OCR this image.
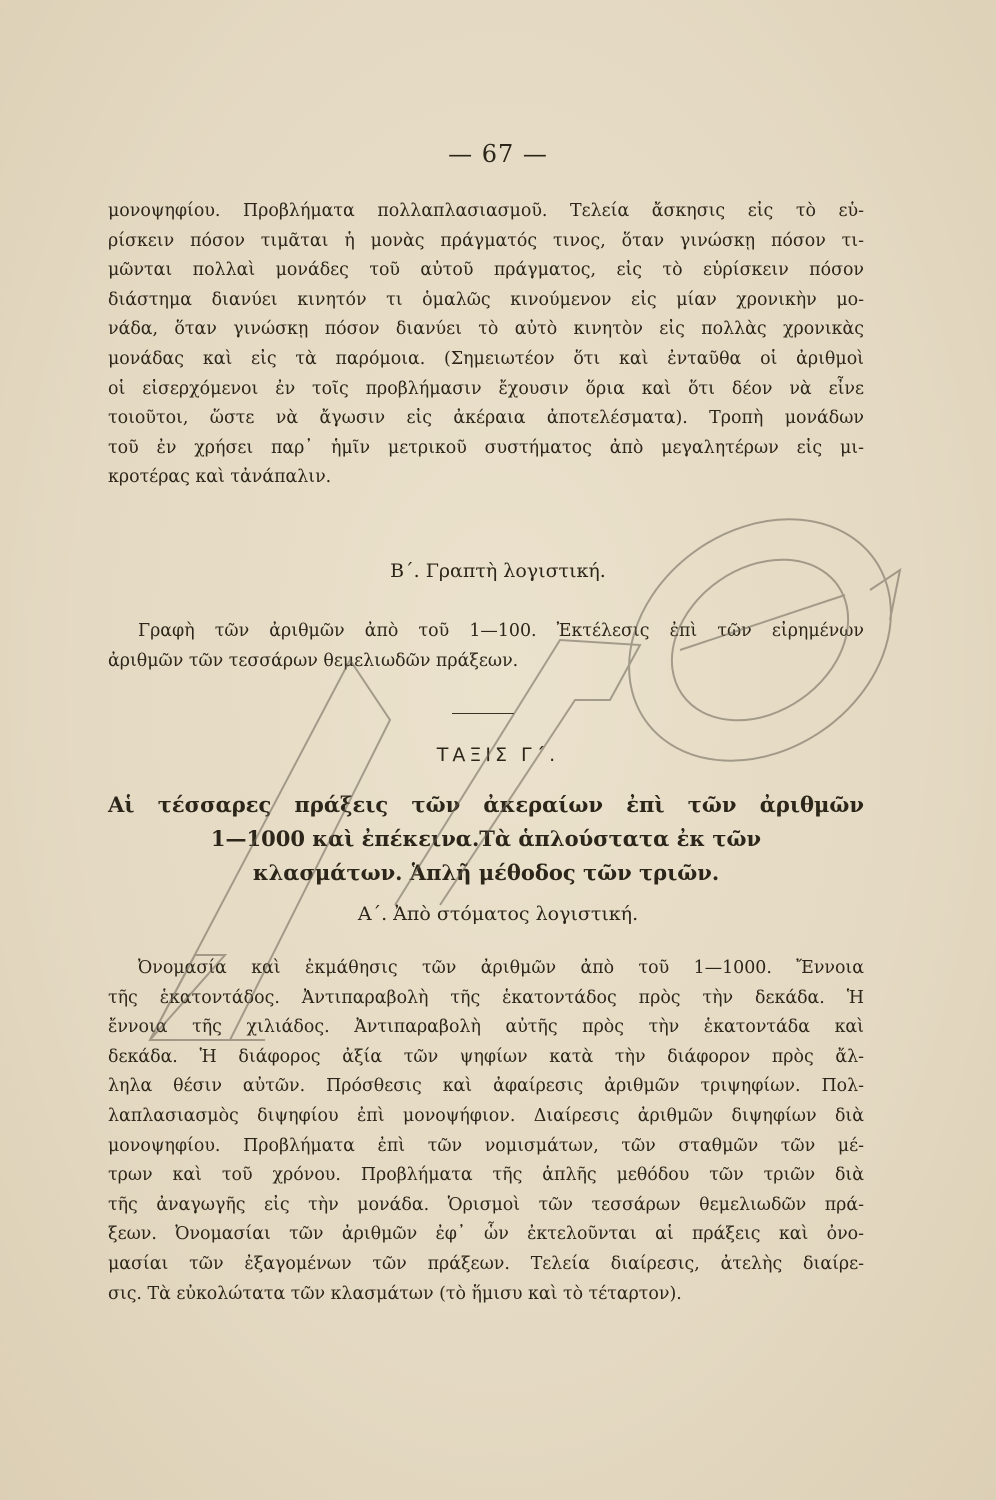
— 67 —
μονοψηφίου. Προβλήματα πολλαπλασιασμοῦ. Τελεία ἄσκησις εἰς τὸ εὑ-
ρίσκειν πόσον τιμᾶται ἡ μονὰς πράγματός τινος, ὅταν γινώσκῃ πόσον τι-
μῶνται πολλαὶ μονάδες τοῦ αὐτοῦ πράγματος, εἰς τὸ εὑρίσκειν πόσον
διάστημα διανύει κινητόν τι ὁμαλῶς κινούμενον εἰς μίαν χρονικὴν μο-
νάδα, ὅταν γινώσκῃ πόσον διανύει τὸ αὐτὸ κινητὸν εἰς πολλὰς χρονικὰς
μονάδας καὶ εἰς τὰ παρόμοια. (Σημειωτέον ὅτι καὶ ἐνταῦθα οἱ ἀριθμοὶ
οἱ εἰσερχόμενοι ἐν τοῖς προβλήμασιν ἔχουσιν ὅρια καὶ ὅτι δέον νὰ εἶνε
τοιοῦτοι, ὥστε νὰ ἄγωσιν εἰς ἀκέραια ἀποτελέσματα). Τροπὴ μονάδων
τοῦ ἐν χρήσει παρ᾽ ἡμῖν μετρικοῦ συστήματος ἀπὸ μεγαλητέρων εἰς μι-
κροτέρας καὶ τἀνάπαλιν.
Β΄. Γραπτὴ λογιστική.
Γραφὴ τῶν ἀριθμῶν ἀπὸ τοῦ 1—100. Ἐκτέλεσις ἐπὶ τῶν εἰρημένων
ἀριθμῶν τῶν τεσσάρων θεμελιωδῶν πράξεων.
ΤΑΞΙΣ Γ΄.
Αἱ τέσσαρες πράξεις τῶν ἀκεραίων ἐπὶ τῶν ἀριθμῶν
1—1000 καὶ ἐπέκεινα.Τὰ ἁπλούστατα ἐκ τῶν
κλασμάτων. Ἁπλῆ μέθοδος τῶν τριῶν.
Α΄. Ἀπὸ στόματος λογιστική.
Ὀνομασία καὶ ἐκμάθησις τῶν ἀριθμῶν ἀπὸ τοῦ 1—1000. Ἔννοια
τῆς ἑκατοντάδος. Ἀντιπαραβολὴ τῆς ἑκατοντάδος πρὸς τὴν δεκάδα. Ἡ
ἔννοια τῆς χιλιάδος. Ἀντιπαραβολὴ αὐτῆς πρὸς τὴν ἑκατοντάδα καὶ
δεκάδα. Ἡ διάφορος ἀξία τῶν ψηφίων κατὰ τὴν διάφορον πρὸς ἄλ-
ληλα θέσιν αὐτῶν. Πρόσθεσις καὶ ἀφαίρεσις ἀριθμῶν τριψηφίων. Πολ-
λαπλασιασμὸς διψηφίου ἐπὶ μονοψήφιον. Διαίρεσις ἀριθμῶν διψηφίων διὰ
μονοψηφίου. Προβλήματα ἐπὶ τῶν νομισμάτων, τῶν σταθμῶν τῶν μέ-
τρων καὶ τοῦ χρόνου. Προβλήματα τῆς ἁπλῆς μεθόδου τῶν τριῶν διὰ
τῆς ἀναγωγῆς εἰς τὴν μονάδα. Ὁρισμοὶ τῶν τεσσάρων θεμελιωδῶν πρά-
ξεων. Ὀνομασίαι τῶν ἀριθμῶν ἐφ᾽ ὧν ἐκτελοῦνται αἱ πράξεις καὶ ὀνο-
μασίαι τῶν ἐξαγομένων τῶν πράξεων. Τελεία διαίρεσις, ἀτελὴς διαίρε-
σις. Τὰ εὐκολώτατα τῶν κλασμάτων (τὸ ἥμισυ καὶ τὸ τέταρτον).
